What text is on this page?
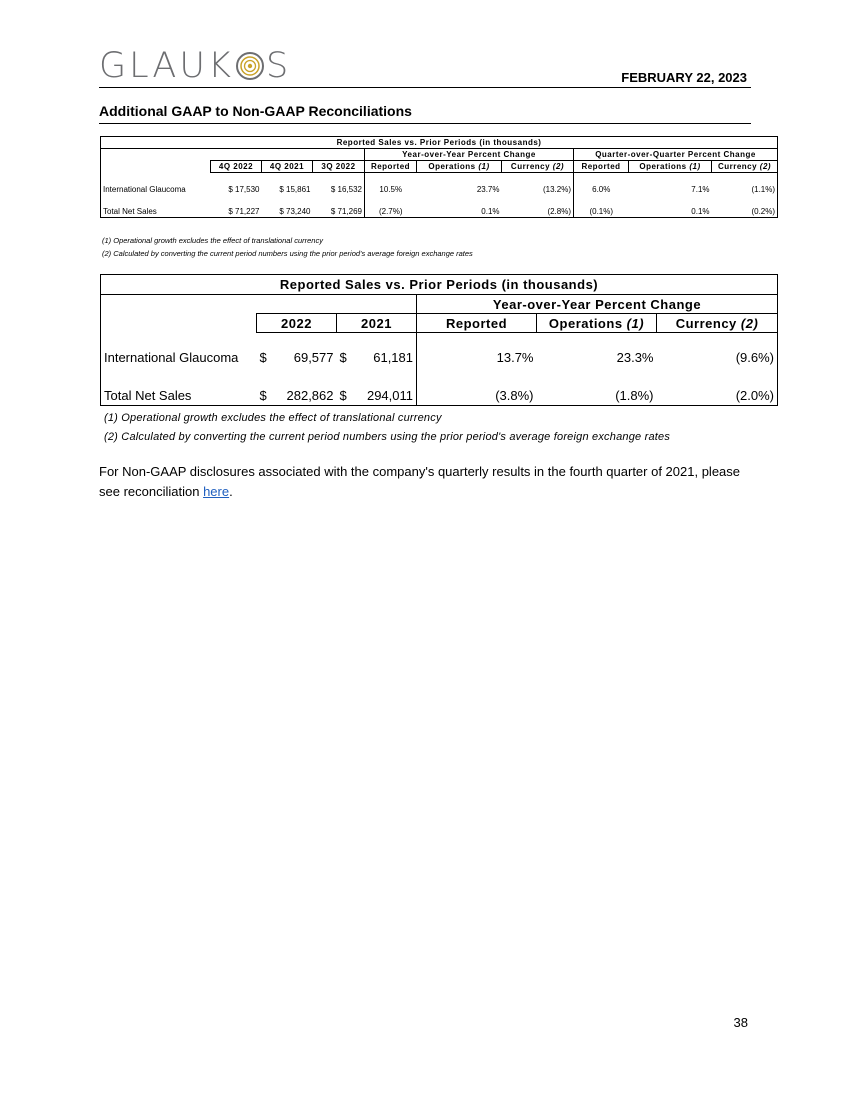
GLAUK S	FEBRUARY 22, 2023
Additional GAAP to Non-GAAP Reconciliations
Reported Sales vs. Prior Periods (in thousands)									
				Year-over-Year Percent Change			Quarter-over-Quarter Percent Change		
	4Q 2022	4Q 2021	3Q 2022	Reported	Operations (1)	Currency (2)	Reported	Operations (1)	Currency (2)

International Glaucoma	$ 17,530	$ 15,861	$ 16,532	10.5%	23.7%	(13.2%)	6.0%	7.1%	(1.1%)

Total Net Sales	$ 71,227	$ 73,240	$ 71,269	(2.7%)	0.1%	(2.8%)	(0.1%)	0.1%	(0.2%)
(1) Operational growth excludes the effect of translational currency
(2) Calculated by converting the current period numbers using the prior period's average foreign exchange rates
Reported Sales vs. Prior Periods (in thousands)					
			Year-over-Year Percent Change		
	2022	2021	Reported	Operations (1)	Currency (2)

International Glaucoma	$ 69,577	$ 61,181	13.7%	23.3%	(9.6%)

Total Net Sales	$ 282,862	$ 294,011	(3.8%)	(1.8%)	(2.0%)
(1) Operational growth excludes the effect of translational currency
(2) Calculated by converting the current period numbers using the prior period's average foreign exchange rates
For Non-GAAP disclosures associated with the company's quarterly results in the fourth quarter of 2021, please see reconciliation here.
38
